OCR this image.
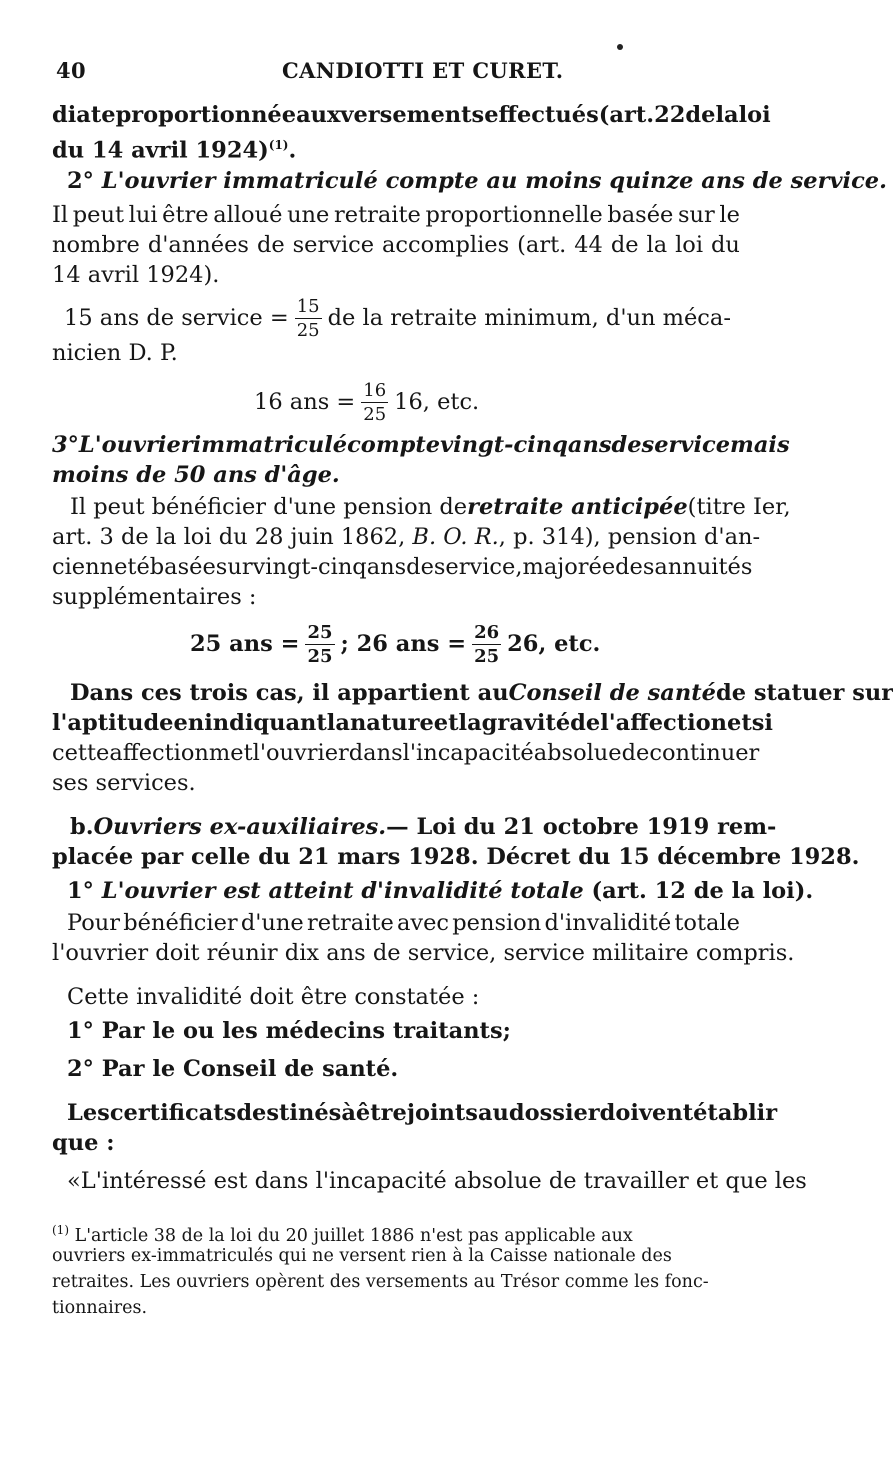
40	CANDIOTTI ET CURET.
diate proportionnée aux versements effectués (art. 22 de la loi
du 14 avril 1924)$^{(1)}$.
2° L'ouvrier immatriculé compte au moins quinze ans de service.
Il peut lui être alloué une retraite proportionnelle basée sur le
nombre d'années de service accomplies (art. 44 de la loi du
14 avril 1924).
15 ans de service = $\frac{15}{25}$ de la retraite minimum, d'un méca-
nicien D. P.
16 ans = $\frac{16}{25} 16$, etc.
3° L'ouvrier immatriculé compte vingt-cinq ans de service mais
moins de 50 ans d'âge.
Il peut bénéficier d'une pension de retraite anticipée (titre Ier,
art. 3 de la loi du 28 juin 1862, B. O. R., p. 314), pension d'an-
cienneté basée sur vingt-cinq ans de service, majorée des annuités
supplémentaires :
25 ans = $\frac{25}{25}$ ; 26 ans = $\frac{26}{25} 26$, etc.
Dans ces trois cas, il appartient au Conseil de santé de statuer sur
l'aptitude en indiquant la nature et la gravité de l'affection et si
cette affection met l'ouvrier dans l'incapacité absolue de continuer
ses services.
b. Ouvriers ex-auxiliaires. — Loi du 21 octobre 1919 rem-
placée par celle du 21 mars 1928. Décret du 15 décembre 1928.
1° L'ouvrier est atteint d'invalidité totale (art. 12 de la loi).
Pour bénéficier d'une retraite avec pension d'invalidité totale
l'ouvrier doit réunir dix ans de service, service militaire compris.
Cette invalidité doit être constatée :
1° Par le ou les médecins traitants;
2° Par le Conseil de santé.
Les certificats destinés à être joints au dossier doivent établir
que :
«L'intéressé est dans l'incapacité absolue de travailler et que les
$^{(1)}$ L'article 38 de la loi du 20 juillet 1886 n'est pas applicable aux
ouvriers ex-immatriculés qui ne versent rien à la Caisse nationale des
retraites. Les ouvriers opèrent des versements au Trésor comme les fonc-
tionnaires.
